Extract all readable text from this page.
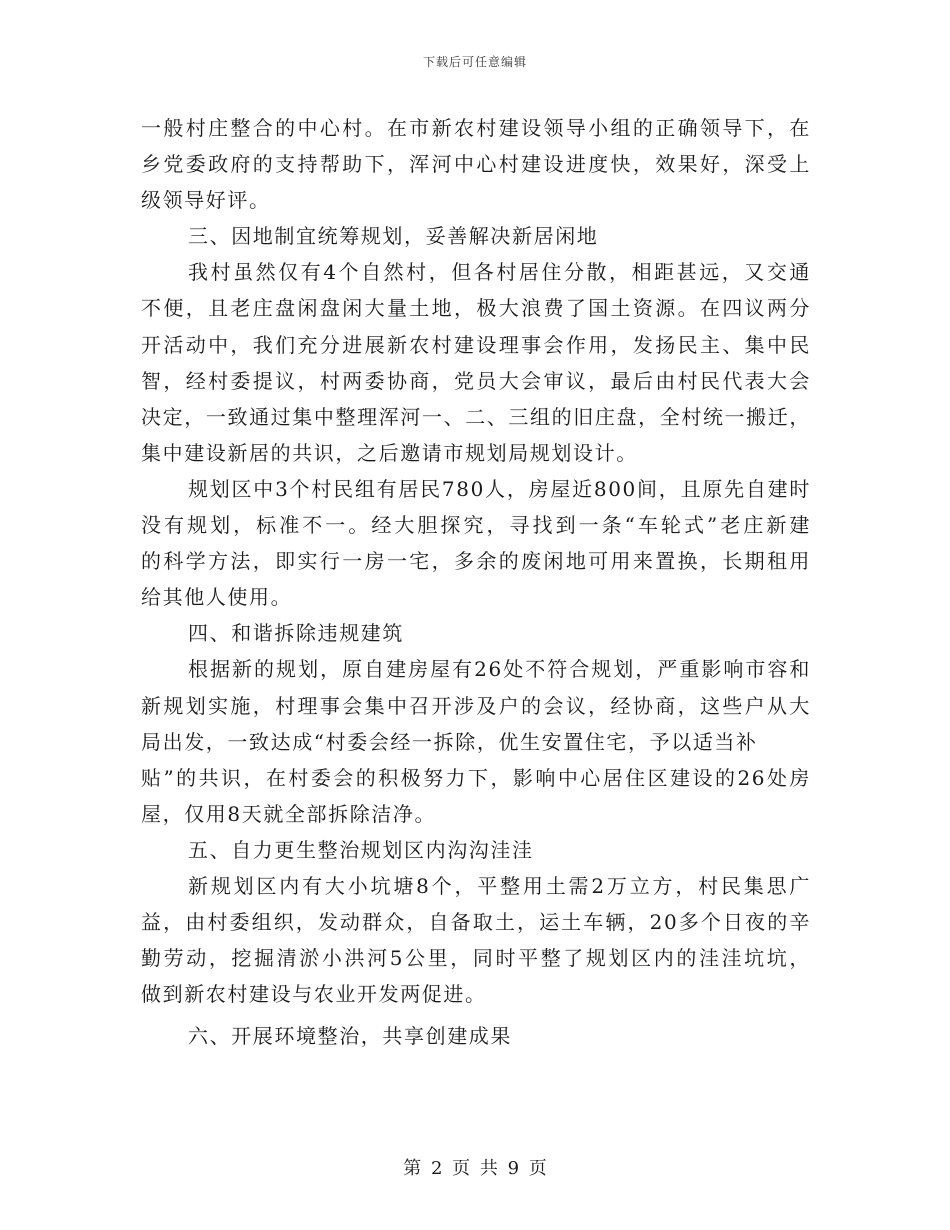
下载后可任意编辑
一般村庄整合的中心村。在市新农村建设领导小组的正确领导下，在
乡党委政府的支持帮助下，浑河中心村建设进度快，效果好，深受上
级领导好评。
三、因地制宜统筹规划，妥善解决新居闲地
我村虽然仅有4个自然村，但各村居住分散，相距甚远，又交通
不便，且老庄盘闲盘闲大量土地，极大浪费了国土资源。在四议两分
开活动中，我们充分进展新农村建设理事会作用，发扬民主、集中民
智，经村委提议，村两委协商，党员大会审议，最后由村民代表大会
决定，一致通过集中整理浑河一、二、三组的旧庄盘，全村统一搬迁，
集中建设新居的共识，之后邀请市规划局规划设计。
规划区中3个村民组有居民780人，房屋近800间，且原先自建时
没有规划，标准不一。经大胆探究，寻找到一条“车轮式”老庄新建
的科学方法，即实行一房一宅，多余的废闲地可用来置换，长期租用
给其他人使用。
四、和谐拆除违规建筑
根据新的规划，原自建房屋有26处不符合规划，严重影响市容和
新规划实施，村理事会集中召开涉及户的会议，经协商，这些户从大
局出发，一致达成“村委会经一拆除，优生安置住宅，予以适当补
贴”的共识，在村委会的积极努力下，影响中心居住区建设的26处房
屋，仅用8天就全部拆除洁净。
五、自力更生整治规划区内沟沟洼洼
新规划区内有大小坑塘8个，平整用土需2万立方，村民集思广
益，由村委组织，发动群众，自备取土，运土车辆，20多个日夜的辛
勤劳动，挖掘清淤小洪河5公里，同时平整了规划区内的洼洼坑坑，
做到新农村建设与农业开发两促进。
六、开展环境整治，共享创建成果
第 2 页 共 9 页
